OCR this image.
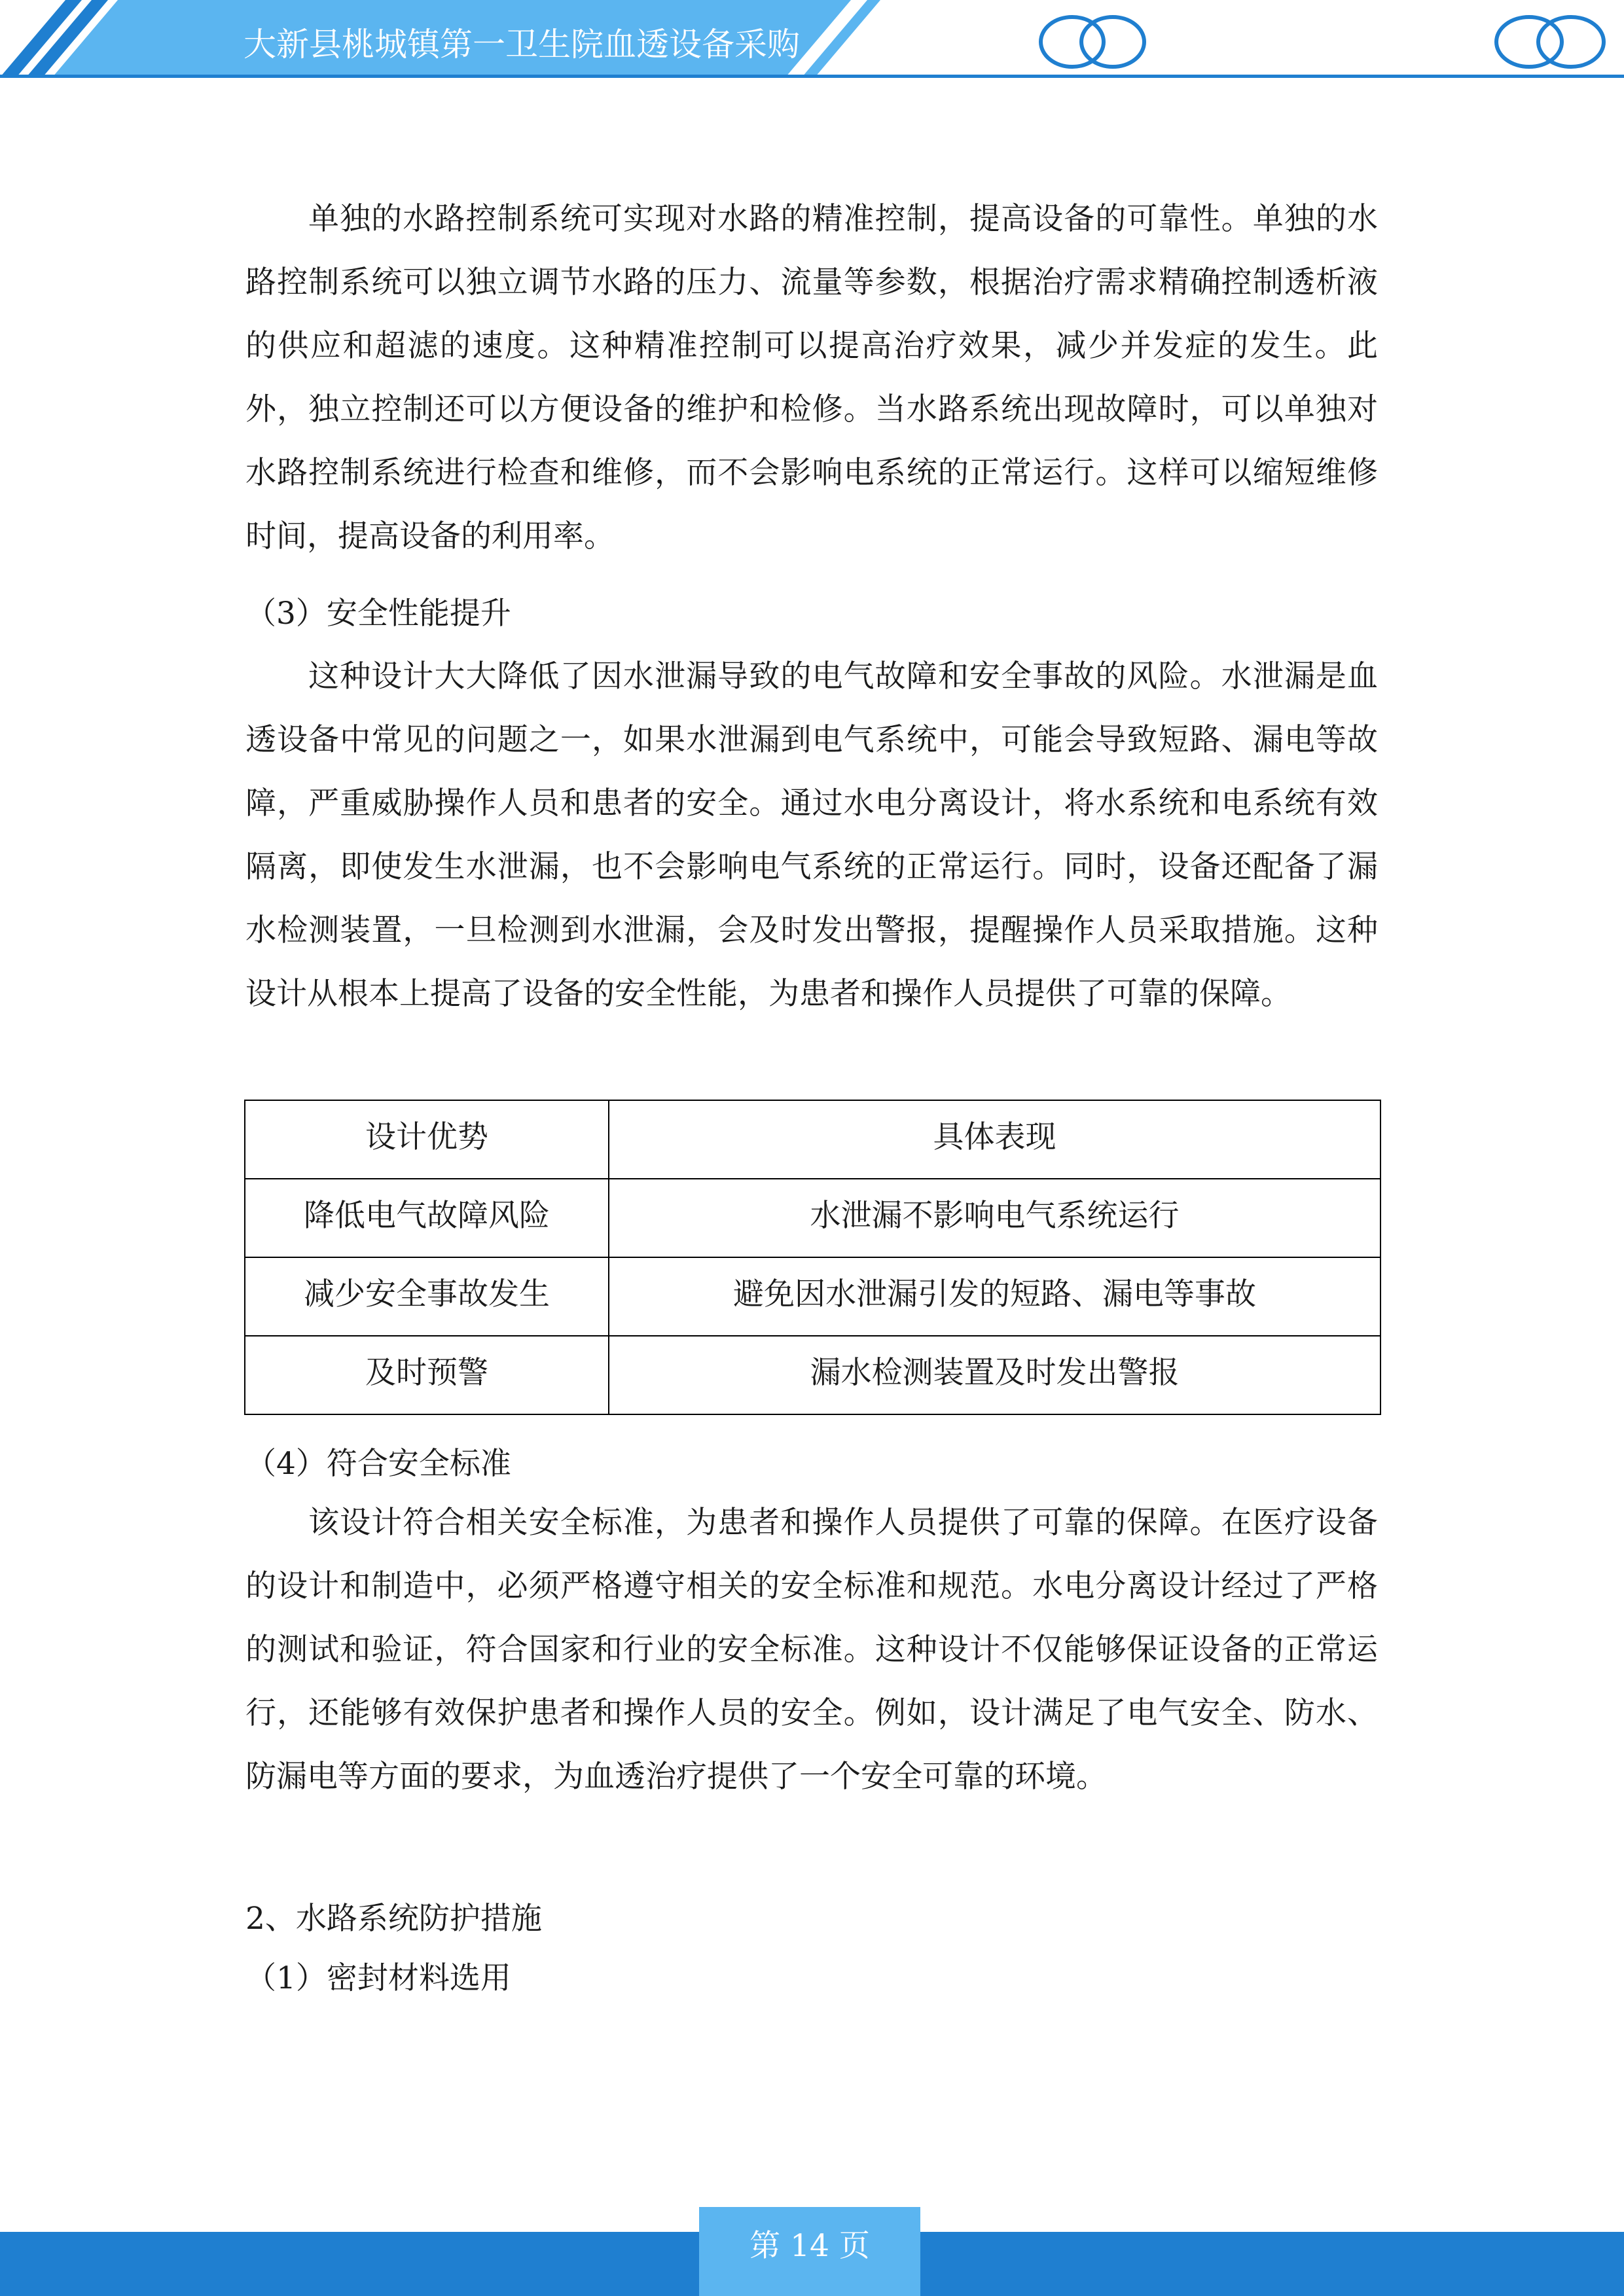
大新县桃城镇第一卫生院血透设备采购

单独的水路控制系统可实现对水路的精准控制，提高设备的可靠性。单独的水路控制系统可以独立调节水路的压力、流量等参数，根据治疗需求精确控制透析液的供应和超滤的速度。这种精准控制可以提高治疗效果，减少并发症的发生。此外，独立控制还可以方便设备的维护和检修。当水路系统出现故障时，可以单独对水路控制系统进行检查和维修，而不会影响电系统的正常运行。这样可以缩短维修时间，提高设备的利用率。

（3）安全性能提升

这种设计大大降低了因水泄漏导致的电气故障和安全事故的风险。水泄漏是血透设备中常见的问题之一，如果水泄漏到电气系统中，可能会导致短路、漏电等故障，严重威胁操作人员和患者的安全。通过水电分离设计，将水系统和电系统有效隔离，即使发生水泄漏，也不会影响电气系统的正常运行。同时，设备还配备了漏水检测装置，一旦检测到水泄漏，会及时发出警报，提醒操作人员采取措施。这种设计从根本上提高了设备的安全性能，为患者和操作人员提供了可靠的保障。

设计优势	具体表现
降低电气故障风险	水泄漏不影响电气系统运行
减少安全事故发生	避免因水泄漏引发的短路、漏电等事故
及时预警	漏水检测装置及时发出警报
（4）符合安全标准

该设计符合相关安全标准，为患者和操作人员提供了可靠的保障。在医疗设备的设计和制造中，必须严格遵守相关的安全标准和规范。水电分离设计经过了严格的测试和验证，符合国家和行业的安全标准。这种设计不仅能够保证设备的正常运行，还能够有效保护患者和操作人员的安全。例如，设计满足了电气安全、防水、防漏电等方面的要求，为血透治疗提供了一个安全可靠的环境。

2、水路系统防护措施
（1）密封材料选用
第 14 页
